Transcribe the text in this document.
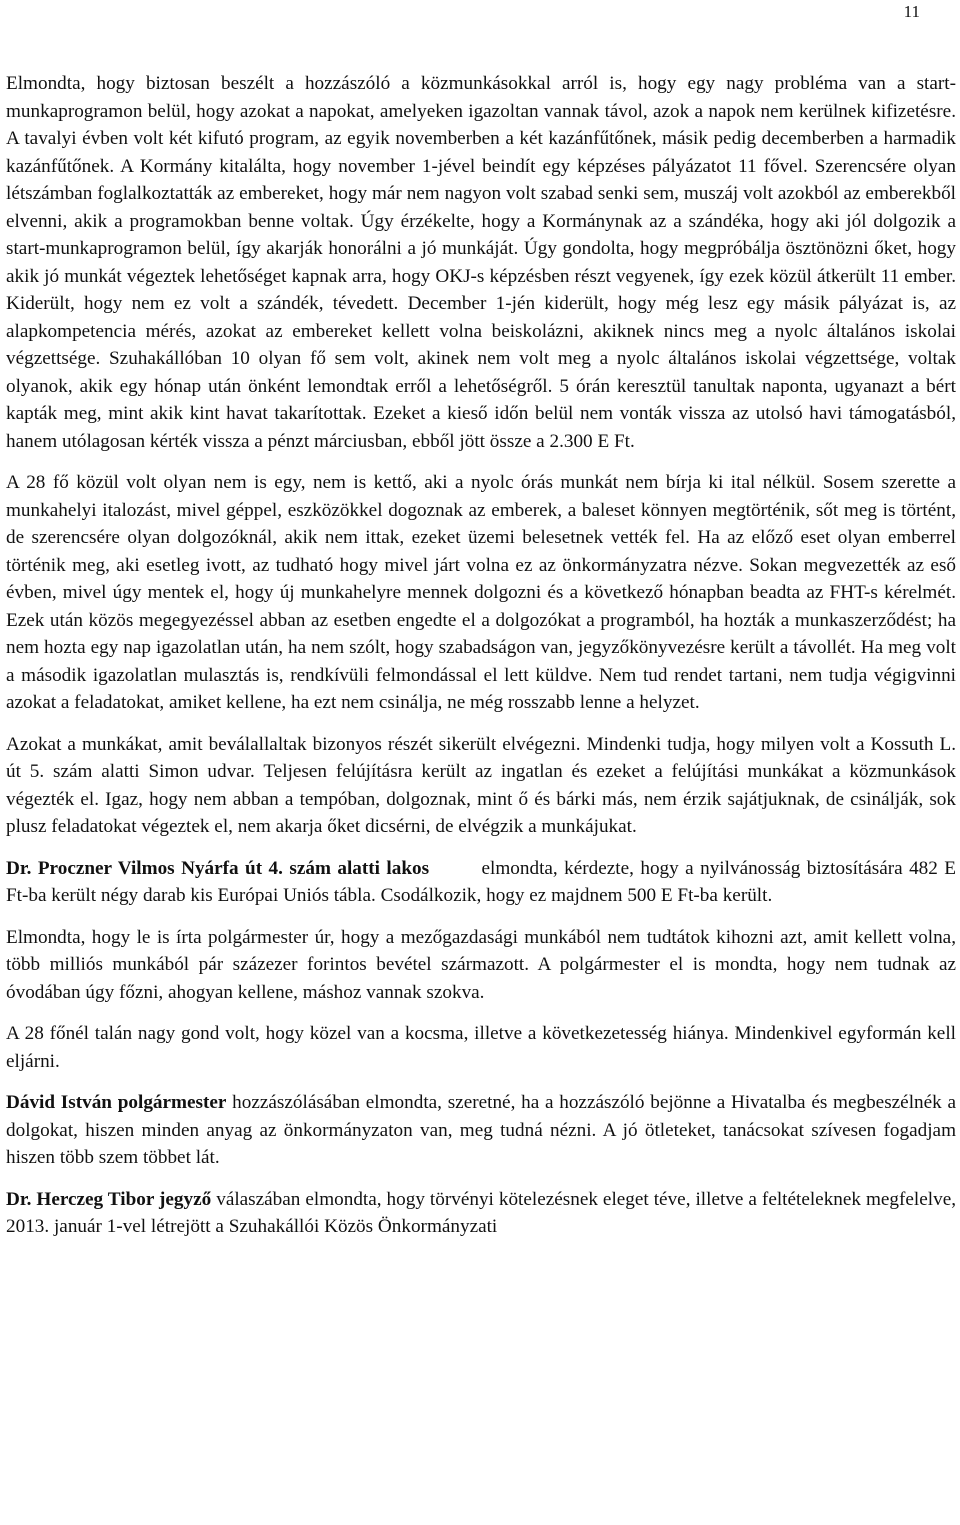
11

Elmondta, hogy biztosan beszélt a hozzászóló a közmunkásokkal arról is, hogy egy nagy probléma van a start-munkaprogramon belül, hogy azokat a napokat, amelyeken igazoltan vannak távol, azok a napok nem kerülnek kifizetésre. A tavalyi évben volt két kifutó program, az egyik novemberben a két kazánfűtőnek, másik pedig decemberben a harmadik kazánfűtőnek. A Kormány kitalálta, hogy november 1-jével beindít egy képzéses pályázatot 11 fővel. Szerencsére olyan létszámban foglalkoztatták az embereket, hogy már nem nagyon volt szabad senki sem, muszáj volt azokból az emberekből elvenni, akik a programokban benne voltak. Úgy érzékelte, hogy a Kormánynak az a szándéka, hogy aki jól dolgozik a start-munkaprogramon belül, így akarják honorálni a jó munkáját. Úgy gondolta, hogy megpróbálja ösztönözni őket, hogy akik jó munkát végeztek lehetőséget kapnak arra, hogy OKJ-s képzésben részt vegyenek, így ezek közül átkerült 11 ember. Kiderült, hogy nem ez volt a szándék, tévedett. December 1-jén kiderült, hogy még lesz egy másik pályázat is, az alapkompetencia mérés, azokat az embereket kellett volna beiskolázni, akiknek nincs meg a nyolc általános iskolai végzettsége. Szuhakállóban 10 olyan fő sem volt, akinek nem volt meg a nyolc általános iskolai végzettsége, voltak olyanok, akik egy hónap után önként lemondtak erről a lehetőségről. 5 órán keresztül tanultak naponta, ugyanazt a bért kapták meg, mint akik kint havat takarítottak. Ezeket a kieső időn belül nem vonták vissza az utolsó havi támogatásból, hanem utólagosan kérték vissza a pénzt márciusban, ebből jött össze a 2.300 E Ft.

A 28 fő közül volt olyan nem is egy, nem is kettő, aki a nyolc órás munkát nem bírja ki ital nélkül. Sosem szerette a munkahelyi italozást, mivel géppel, eszközökkel dogoznak az emberek, a baleset könnyen megtörténik, sőt meg is történt, de szerencsére olyan dolgozóknál, akik nem ittak, ezeket üzemi belesetnek vették fel. Ha az előző eset olyan emberrel történik meg, aki esetleg ivott, az tudható hogy mivel járt volna ez az önkormányzatra nézve. Sokan megvezették az eső évben, mivel úgy mentek el, hogy új munkahelyre mennek dolgozni és a következő hónapban beadta az FHT-s kérelmét. Ezek után közös megegyezéssel abban az esetben engedte el a dolgozókat a programból, ha hozták a munkaszerződést; ha nem hozta egy nap igazolatlan után, ha nem szólt, hogy szabadságon van, jegyzőkönyvezésre került a távollét. Ha meg volt a második igazolatlan mulasztás is, rendkívüli felmondással el lett küldve. Nem tud rendet tartani, nem tudja végigvinni azokat a feladatokat, amiket kellene, ha ezt nem csinálja, ne még rosszabb lenne a helyzet.

Azokat a munkákat, amit beválallaltak bizonyos részét sikerült elvégezni. Mindenki tudja, hogy milyen volt a Kossuth L. út 5. szám alatti Simon udvar. Teljesen felújításra került az ingatlan és ezeket a felújítási munkákat a közmunkások végezték el. Igaz, hogy nem abban a tempóban, dolgoznak, mint ő és bárki más, nem érzik sajátjuknak, de csinálják, sok plusz feladatokat végeztek el, nem akarja őket dicsérni, de elvégzik a munkájukat.

Dr. Proczner Vilmos Nyárfa út 4. szám alatti lakos	elmondta, kérdezte, hogy a nyilvánosság biztosítására 482 E Ft-ba került négy darab kis Európai Uniós tábla. Csodálkozik, hogy ez majdnem 500 E Ft-ba került.

Elmondta, hogy le is írta polgármester úr, hogy a mezőgazdasági munkából nem tudtátok kihozni azt, amit kellett volna, több milliós munkából pár százezer forintos bevétel származott. A polgármester el is mondta, hogy nem tudnak az óvodában úgy főzni, ahogyan kellene, máshoz vannak szokva.

A 28 főnél talán nagy gond volt, hogy közel van a kocsma, illetve a következetesség hiánya. Mindenkivel egyformán kell eljárni.

Dávid István polgármester hozzászólásában elmondta, szeretné, ha a hozzászóló bejönne a Hivatalba és megbeszélnék a dolgokat, hiszen minden anyag az önkormányzaton van, meg tudná nézni. A jó ötleteket, tanácsokat szívesen fogadjam hiszen több szem többet lát.

Dr. Herczeg Tibor jegyző válaszában elmondta, hogy törvényi kötelezésnek eleget téve, illetve a feltételeknek megfelelve, 2013. január 1-vel létrejött a Szuhakállói Közös Önkormányzati
